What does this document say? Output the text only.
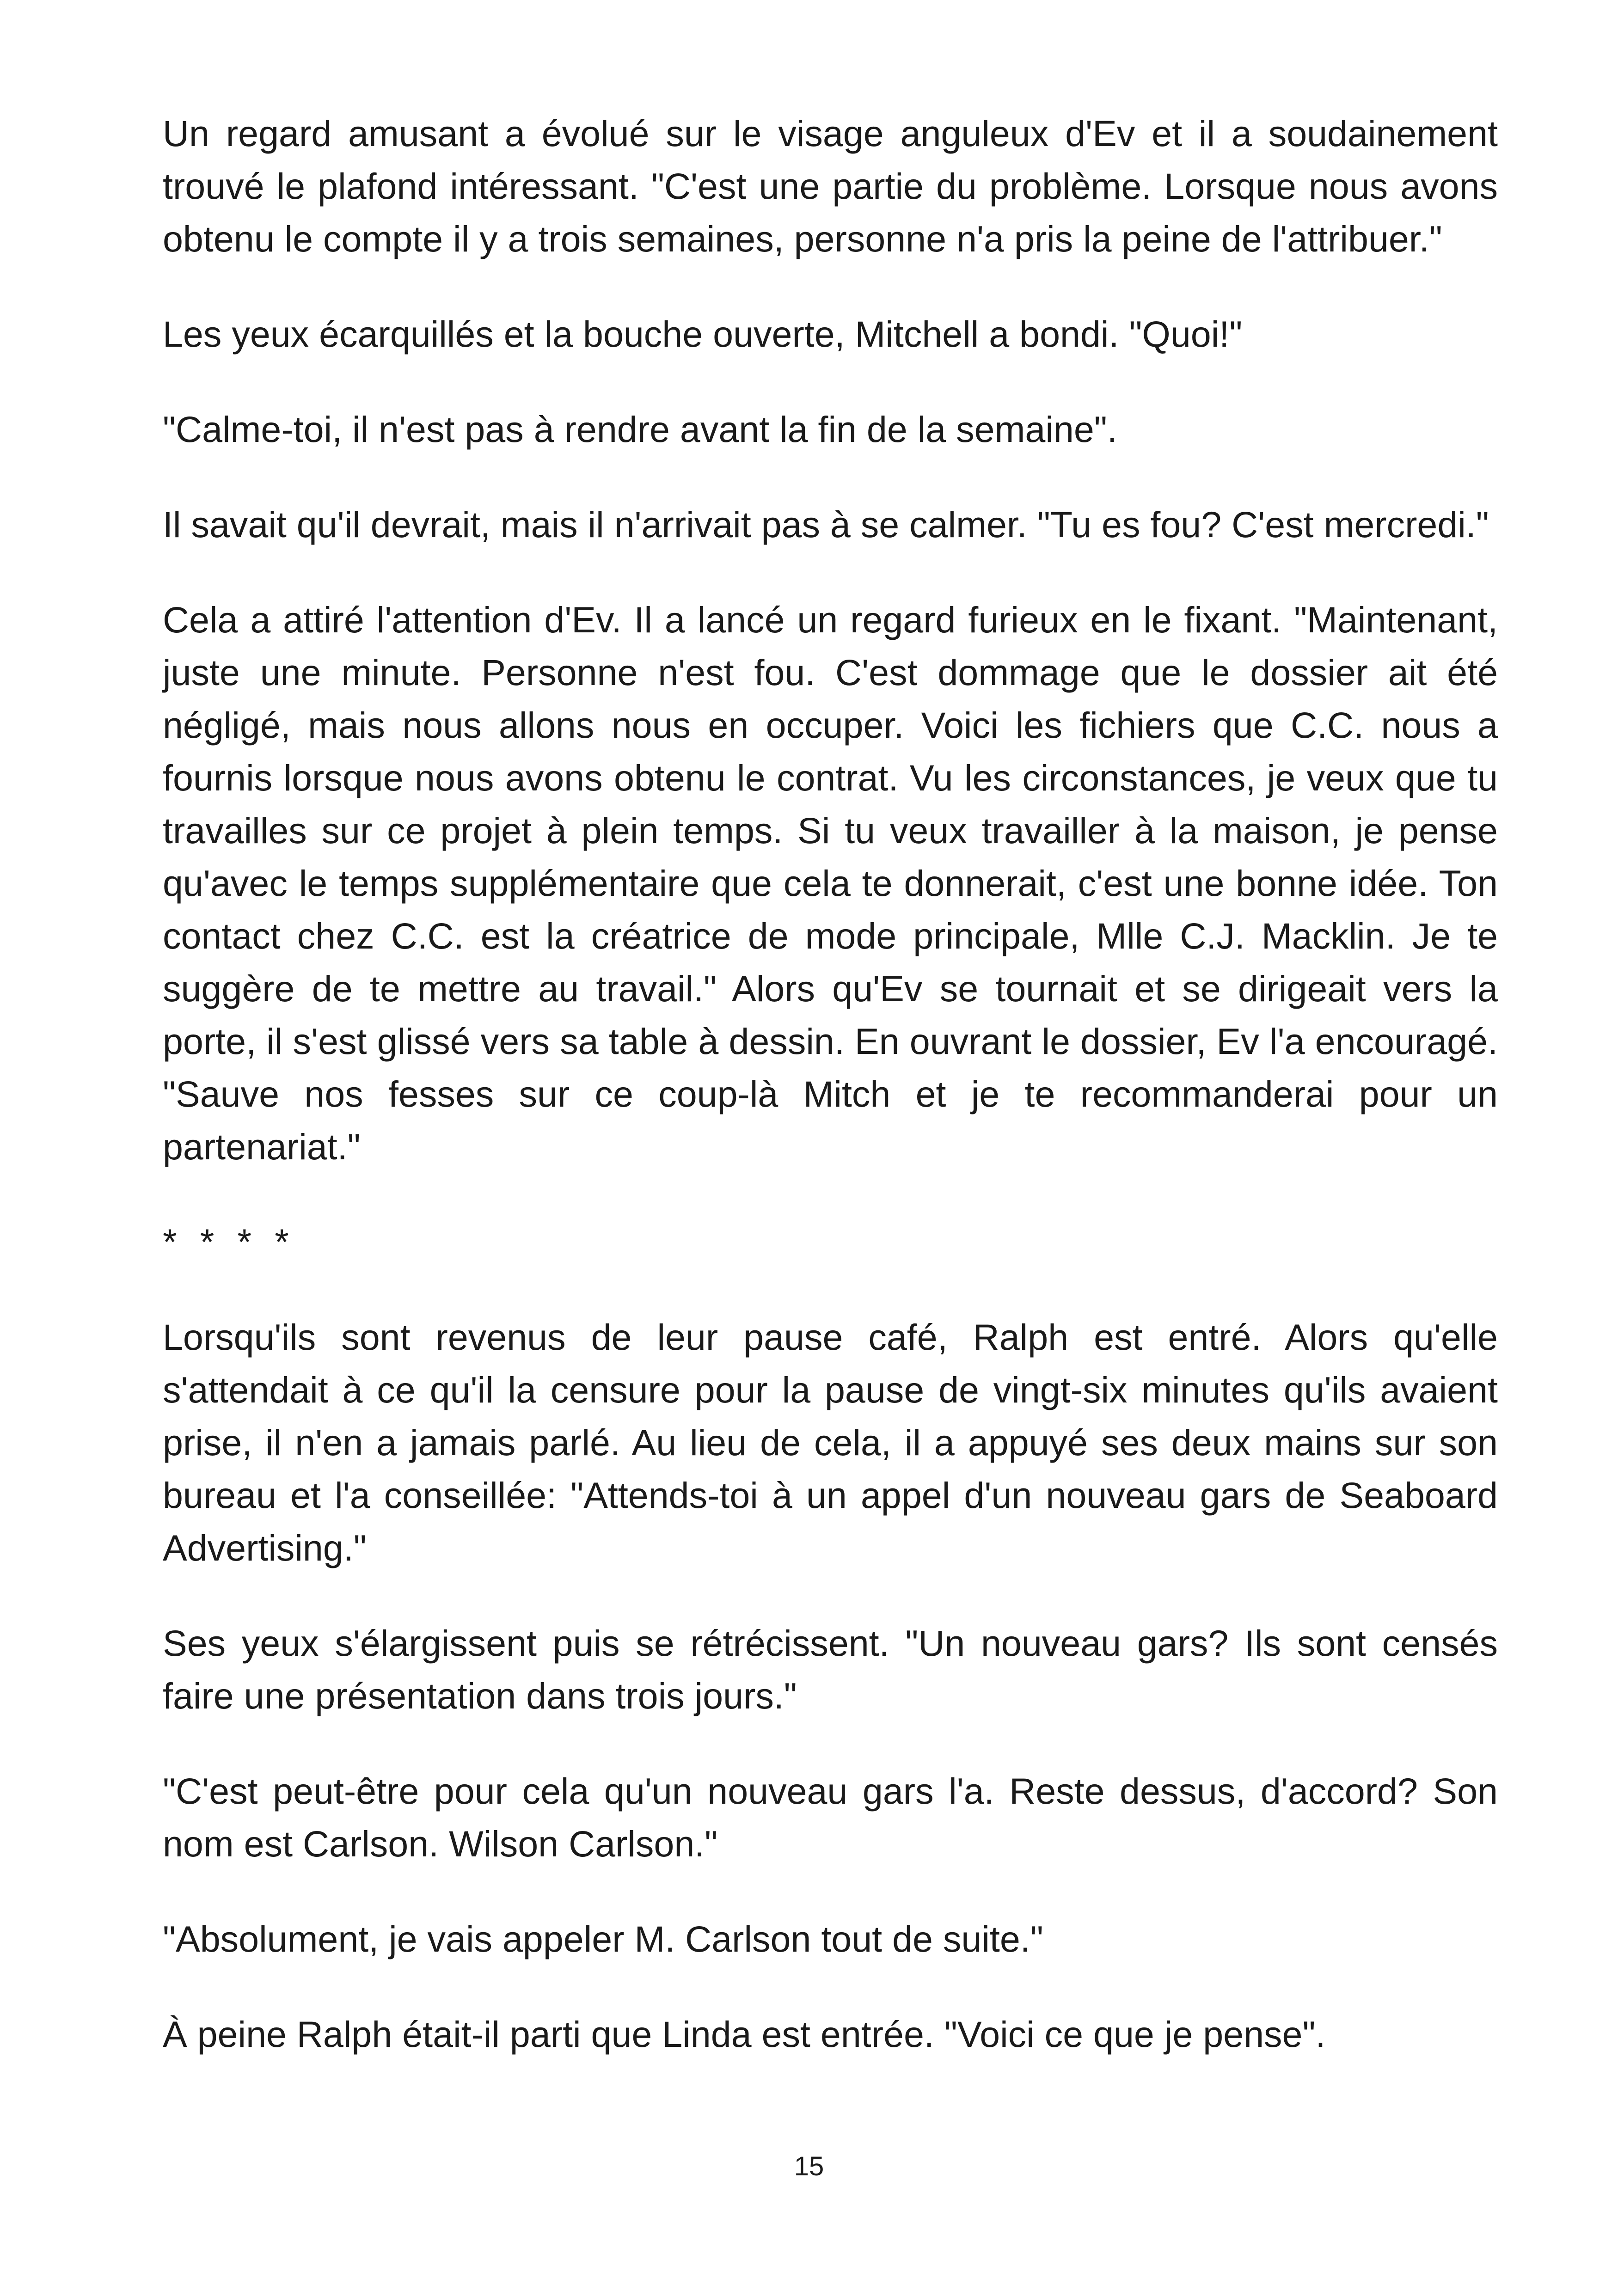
Un regard amusant a évolué sur le visage anguleux d'Ev et il a soudainement trouvé le plafond intéressant. "C'est une partie du problème. Lorsque nous avons obtenu le compte il y a trois semaines, personne n'a pris la peine de l'attribuer."

Les yeux écarquillés et la bouche ouverte, Mitchell a bondi. "Quoi!"

"Calme-toi, il n'est pas à rendre avant la fin de la semaine".

Il savait qu'il devrait, mais il n'arrivait pas à se calmer. "Tu es fou? C'est mercredi."

Cela a attiré l'attention d'Ev. Il a lancé un regard furieux en le fixant. "Maintenant, juste une minute. Personne n'est fou. C'est dommage que le dossier ait été négligé, mais nous allons nous en occuper. Voici les fichiers que C.C. nous a fournis lorsque nous avons obtenu le contrat. Vu les circonstances, je veux que tu travailles sur ce projet à plein temps. Si tu veux travailler à la maison, je pense qu'avec le temps supplémentaire que cela te donnerait, c'est une bonne idée. Ton contact chez C.C. est la créatrice de mode principale, Mlle C.J. Macklin. Je te suggère de te mettre au travail." Alors qu'Ev se tournait et se dirigeait vers la porte, il s'est glissé vers sa table à dessin. En ouvrant le dossier, Ev l'a encouragé. "Sauve nos fesses sur ce coup-là Mitch et je te recommanderai pour un partenariat."

* * * *

Lorsqu'ils sont revenus de leur pause café, Ralph est entré. Alors qu'elle s'attendait à ce qu'il la censure pour la pause de vingt-six minutes qu'ils avaient prise, il n'en a jamais parlé. Au lieu de cela, il a appuyé ses deux mains sur son bureau et l'a conseillée: "Attends-toi à un appel d'un nouveau gars de Seaboard Advertising."

Ses yeux s'élargissent puis se rétrécissent. "Un nouveau gars? Ils sont censés faire une présentation dans trois jours."

"C'est peut-être pour cela qu'un nouveau gars l'a. Reste dessus, d'accord? Son nom est Carlson. Wilson Carlson."

"Absolument, je vais appeler M. Carlson tout de suite."

À peine Ralph était-il parti que Linda est entrée. "Voici ce que je pense".

15
